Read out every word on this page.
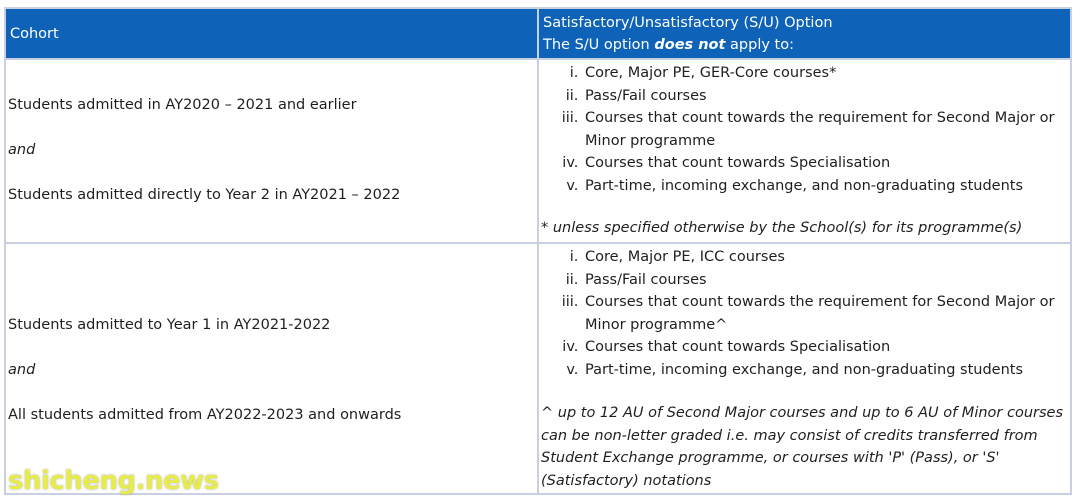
Cohort
Satisfactory/Unsatisfactory (S/U) Option
The S/U option does not apply to:
Students admitted in AY2020 – 2021 and earlier
and
Students admitted directly to Year 2 in AY2021 – 2022
i. Core, Major PE, GER-Core courses*
ii. Pass/Fail courses
iii. Courses that count towards the requirement for Second Major or Minor programme
iv. Courses that count towards Specialisation
v. Part-time, incoming exchange, and non-graduating students
* unless specified otherwise by the School(s) for its programme(s)
Students admitted to Year 1 in AY2021-2022
and
All students admitted from AY2022-2023 and onwards
i. Core, Major PE, ICC courses
ii. Pass/Fail courses
iii. Courses that count towards the requirement for Second Major or Minor programme^
iv. Courses that count towards Specialisation
v. Part-time, incoming exchange, and non-graduating students
^ up to 12 AU of Second Major courses and up to 6 AU of Minor courses can be non-letter graded i.e. may consist of credits transferred from Student Exchange programme, or courses with 'P' (Pass), or 'S' (Satisfactory) notations
shicheng.news
